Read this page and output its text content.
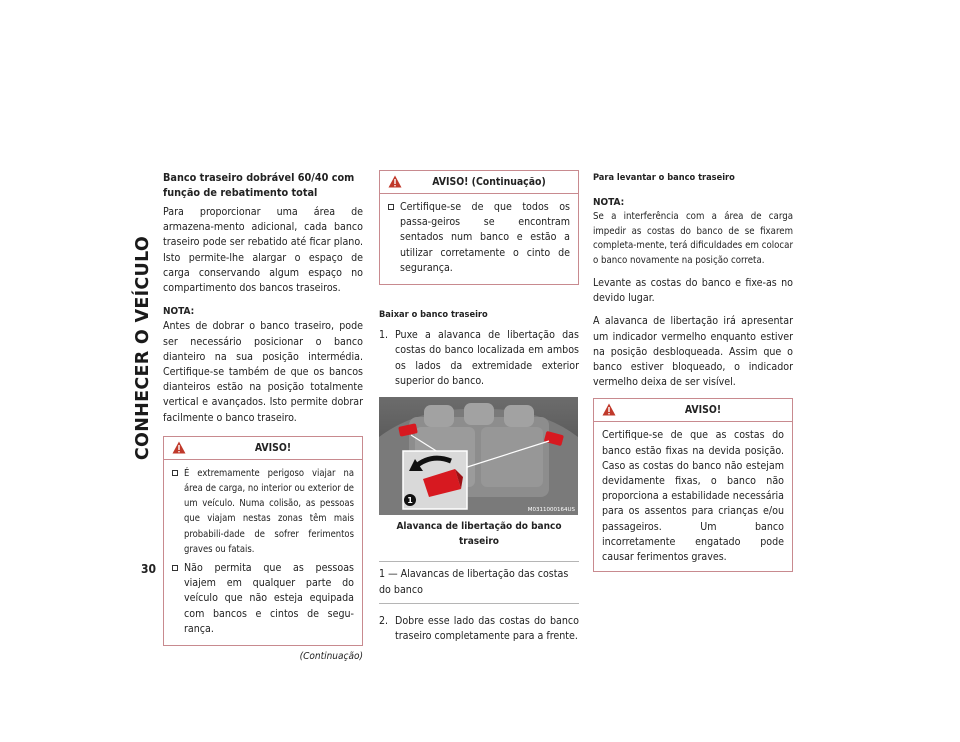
CONHECER O VEÍCULO
30
Banco traseiro dobrável 60/40 com função de rebatimento total

Para proporcionar uma área de armazena-mento adicional, cada banco traseiro pode ser rebatido até ficar plano. Isto permite-lhe alargar o espaço de carga conservando algum espaço no compartimento dos bancos traseiros.

NOTA:

Antes de dobrar o banco traseiro, pode ser necessário posicionar o banco dianteiro na sua posição intermédia. Certifique-se também de que os bancos dianteiros estão na posição totalmente vertical e avançados. Isto permite dobrar facilmente o banco traseiro.

AVISO!
É extremamente perigoso viajar na área de carga, no interior ou exterior de um veículo. Numa colisão, as pessoas que viajam nestas zonas têm mais probabili-dade de sofrer ferimentos graves ou fatais.
Não permita que as pessoas viajem em qualquer parte do veículo que não esteja equipada com bancos e cintos de segu-rança.
(Continuação)
AVISO! (Continuação)
Certifique-se de que todos os passa-geiros se encontram sentados num banco e estão a utilizar corretamente o cinto de segurança.
Baixar o banco traseiro
1. Puxe a alavanca de libertação das costas do banco localizada em ambos os lados da extremidade exterior superior do banco.
1
M0311000164US
Alavanca de libertação do banco traseiro

1 — Alavancas de libertação das costas do banco

2. Dobre esse lado das costas do banco traseiro completamente para a frente.
Para levantar o banco traseiro
NOTA:

Se a interferência com a área de carga impedir as costas do banco de se fixarem completa-mente, terá dificuldades em colocar o banco novamente na posição correta.

Levante as costas do banco e fixe-as no devido lugar.

A alavanca de libertação irá apresentar um indicador vermelho enquanto estiver na posição desbloqueada. Assim que o banco estiver bloqueado, o indicador vermelho deixa de ser visível.

AVISO!

Certifique-se de que as costas do banco estão fixas na devida posição. Caso as costas do banco não estejam devidamente fixas, o banco não proporciona a estabilidade necessária para os assentos para crianças e/ou passageiros. Um banco incorretamente engatado pode causar ferimentos graves.
